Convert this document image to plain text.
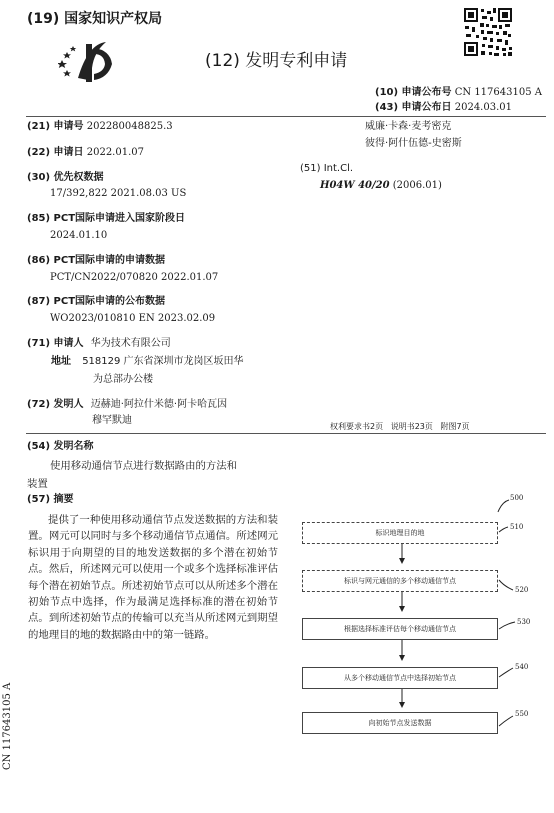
(19) 国家知识产权局
(12) 发明专利申请
(10) 申请公布号 CN 117643105 A
(43) 申请公布日 2024.03.01
(21) 申请号 202280048825.3
(22) 申请日 2022.01.07
(30) 优先权数据
17/392,822 2021.08.03 US
(85) PCT国际申请进入国家阶段日
2024.01.10
(86) PCT国际申请的申请数据
PCT/CN2022/070820 2022.01.07
(87) PCT国际申请的公布数据
WO2023/010810 EN 2023.02.09
(71) 申请人 华为技术有限公司
地址 518129 广东省深圳市龙岗区坂田华
为总部办公楼
(72) 发明人 迈赫迪·阿拉什米德·阿卡哈瓦因
穆罕默迪
威廉·卡森·麦考密克
彼得·阿什伍德-史密斯
(51) Int.Cl.
H04W 40/20 (2006.01)
权利要求书2页   说明书23页   附图7页
(54) 发明名称
使用移动通信节点进行数据路由的方法和
装置
(57) 摘要
提供了一种使用移动通信节点发送数据的方法和装置。网元可以同时与多个移动通信节点通信。所述网元标识用于向期望的目的地发送数据的多个潜在初始节点。然后，所述网元可以使用一个或多个选择标准评估每个潜在初始节点。所述初始节点可以从所述多个潜在初始节点中选择，作为最满足选择标准的潜在初始节点。到所述初始节点的传输可以充当从所述网元到期望的地理目的地的数据路由中的第一链路。
500
标识地理目的地
510
标识与网元通信的多个移动通信节点
520
根据选择标准评估每个移动通信节点
530
从多个移动通信节点中选择初始节点
540
向初始节点发送数据
550
CN 117643105 A
